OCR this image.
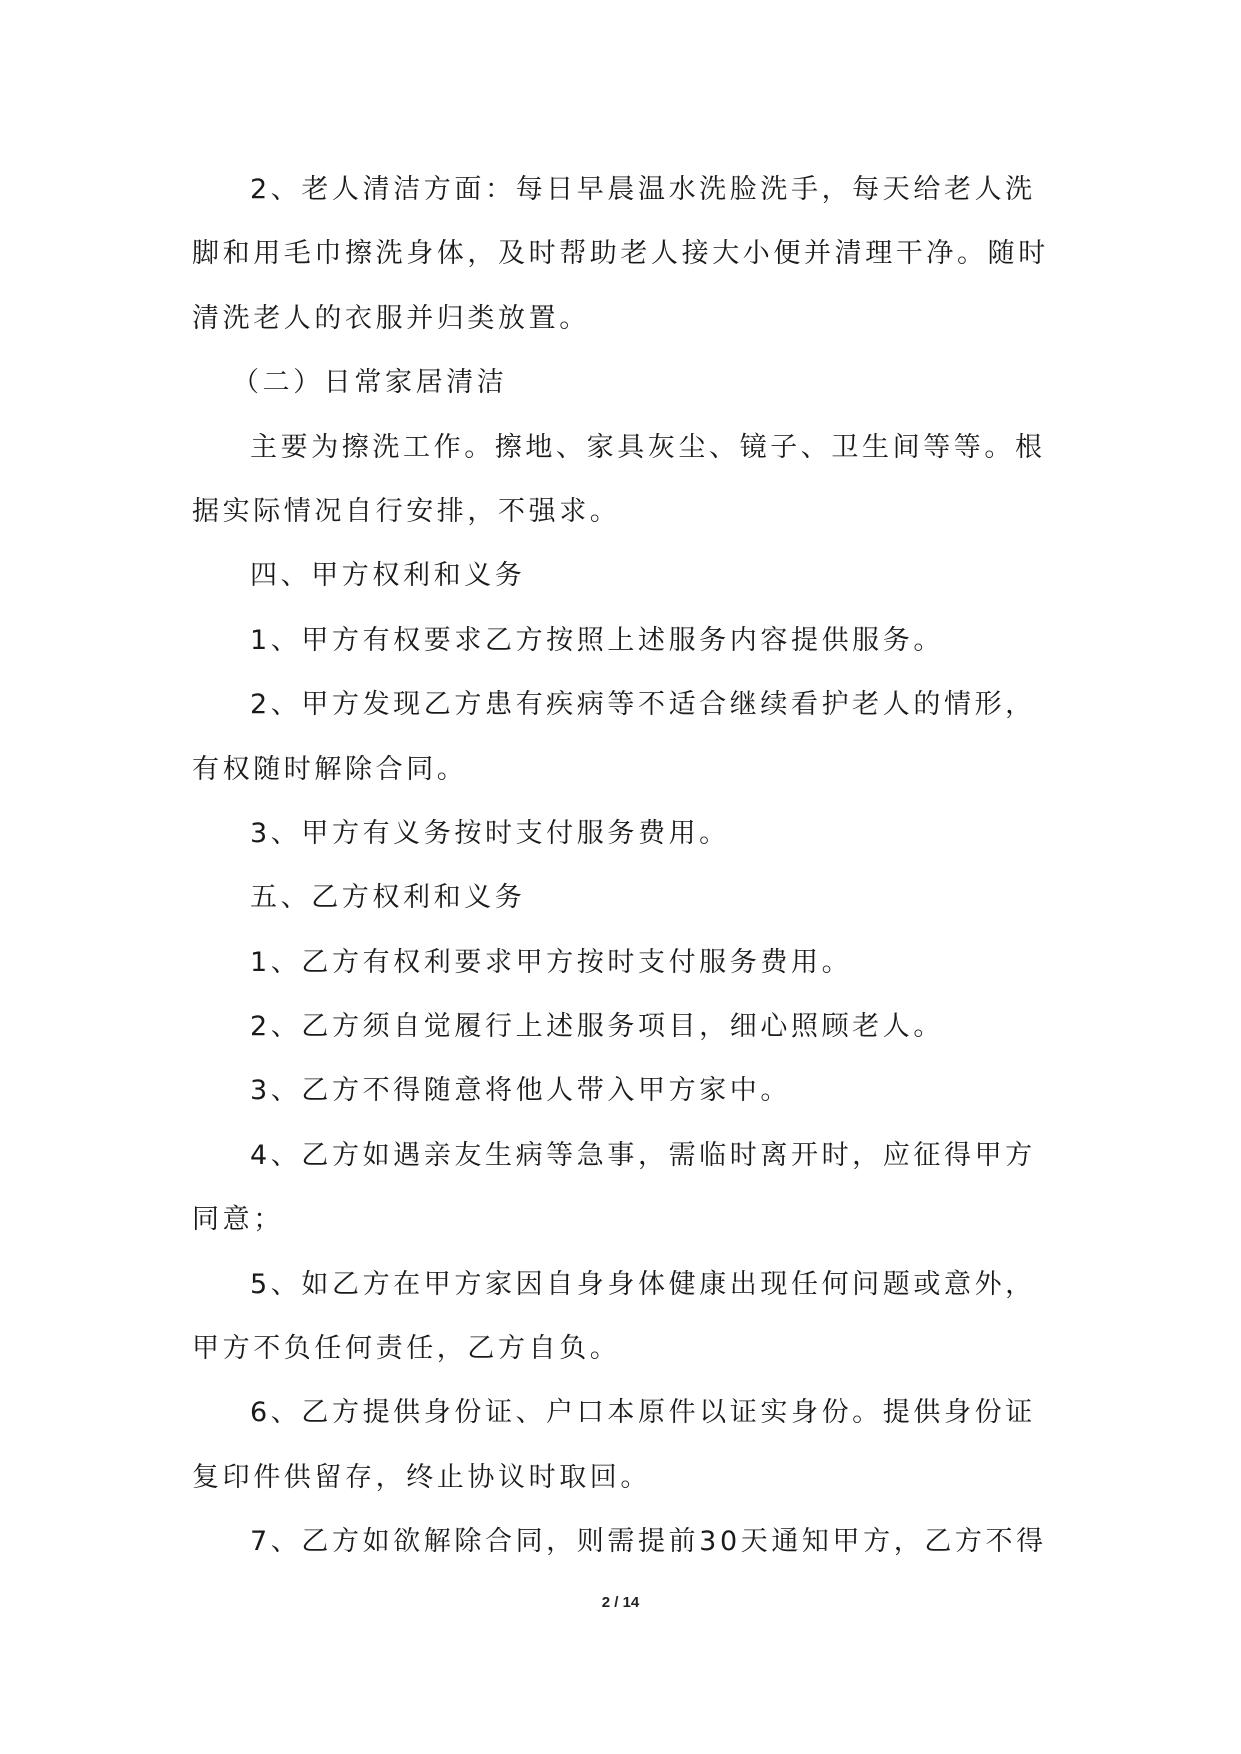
2、老人清洁方面：每日早晨温水洗脸洗手，每天给老人洗
脚和用毛巾擦洗身体，及时帮助老人接大小便并清理干净。随时
清洗老人的衣服并归类放置。
（二）日常家居清洁
主要为擦洗工作。擦地、家具灰尘、镜子、卫生间等等。根
据实际情况自行安排，不强求。
四、甲方权利和义务
1、甲方有权要求乙方按照上述服务内容提供服务。
2、甲方发现乙方患有疾病等不适合继续看护老人的情形，
有权随时解除合同。
3、甲方有义务按时支付服务费用。
五、乙方权利和义务
1、乙方有权利要求甲方按时支付服务费用。
2、乙方须自觉履行上述服务项目，细心照顾老人。
3、乙方不得随意将他人带入甲方家中。
4、乙方如遇亲友生病等急事，需临时离开时，应征得甲方
同意；
5、如乙方在甲方家因自身身体健康出现任何问题或意外，
甲方不负任何责任，乙方自负。
6、乙方提供身份证、户口本原件以证实身份。提供身份证
复印件供留存，终止协议时取回。
7、乙方如欲解除合同，则需提前30天通知甲方，乙方不得
2 / 14
